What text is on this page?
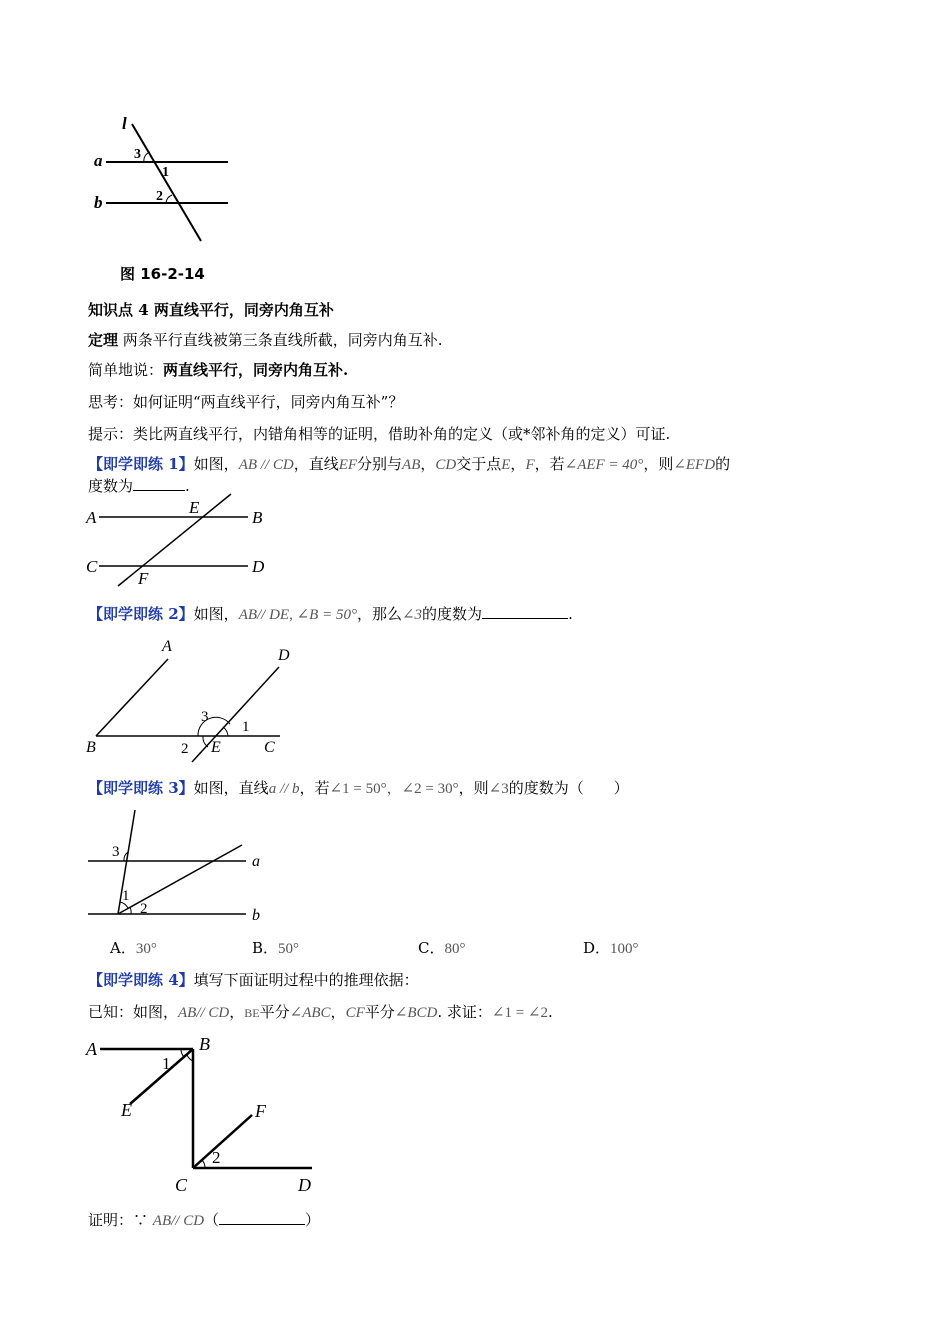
l
a
b
3
1
2
图 16-2-14
知识点 4 两直线平行，同旁内角互补
定理 两条平行直线被第三条直线所截，同旁内角互补.
简单地说：两直线平行，同旁内角互补.
思考：如何证明“两直线平行，同旁内角互补”？
提示：类比两直线平行，内错角相等的证明，借助补角的定义（或*邻补角的定义）可证.
【即学即练 1】如图，AB // CD，直线EF分别与AB，CD交于点E，F，若∠AEF = 40°，则∠EFD的
度数为	.
A	B
C	D
E
F
【即学即练 2】如图，AB// DE, ∠B = 50°，那么∠3的度数为	.
A
D
B	E	C
3
1
2
【即学即练 3】如图，直线a // b，若∠1 = 50°，∠2 = 30°，则∠3的度数为（　　）
a
b
3
1
2
A．30°	B．50°	C．80°	D．100°
【即学即练 4】填写下面证明过程中的推理依据：
已知：如图，AB// CD，BE平分∠ABC，CF平分∠BCD. 求证：∠1 = ∠2.
A	B
E	F
C	D
1
2
证明：∵ AB// CD（	）
